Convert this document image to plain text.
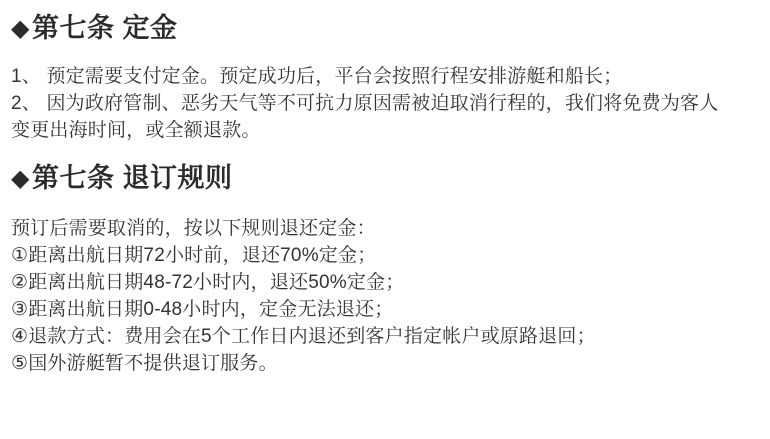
◆第七条 定金

1、 预定需要支付定金。预定成功后，平台会按照行程安排游艇和船长；

2、 因为政府管制、恶劣天气等不可抗力原因需被迫取消行程的，我们将免费为客人

变更出海时间，或全额退款。

◆第七条 退订规则

预订后需要取消的，按以下规则退还定金：

①距离出航日期72小时前，退还70%定金；

②距离出航日期48-72小时内，退还50%定金；

③距离出航日期0-48小时内，定金无法退还；

④退款方式：费用会在5个工作日内退还到客户指定帐户或原路退回；

⑤国外游艇暂不提供退订服务。
